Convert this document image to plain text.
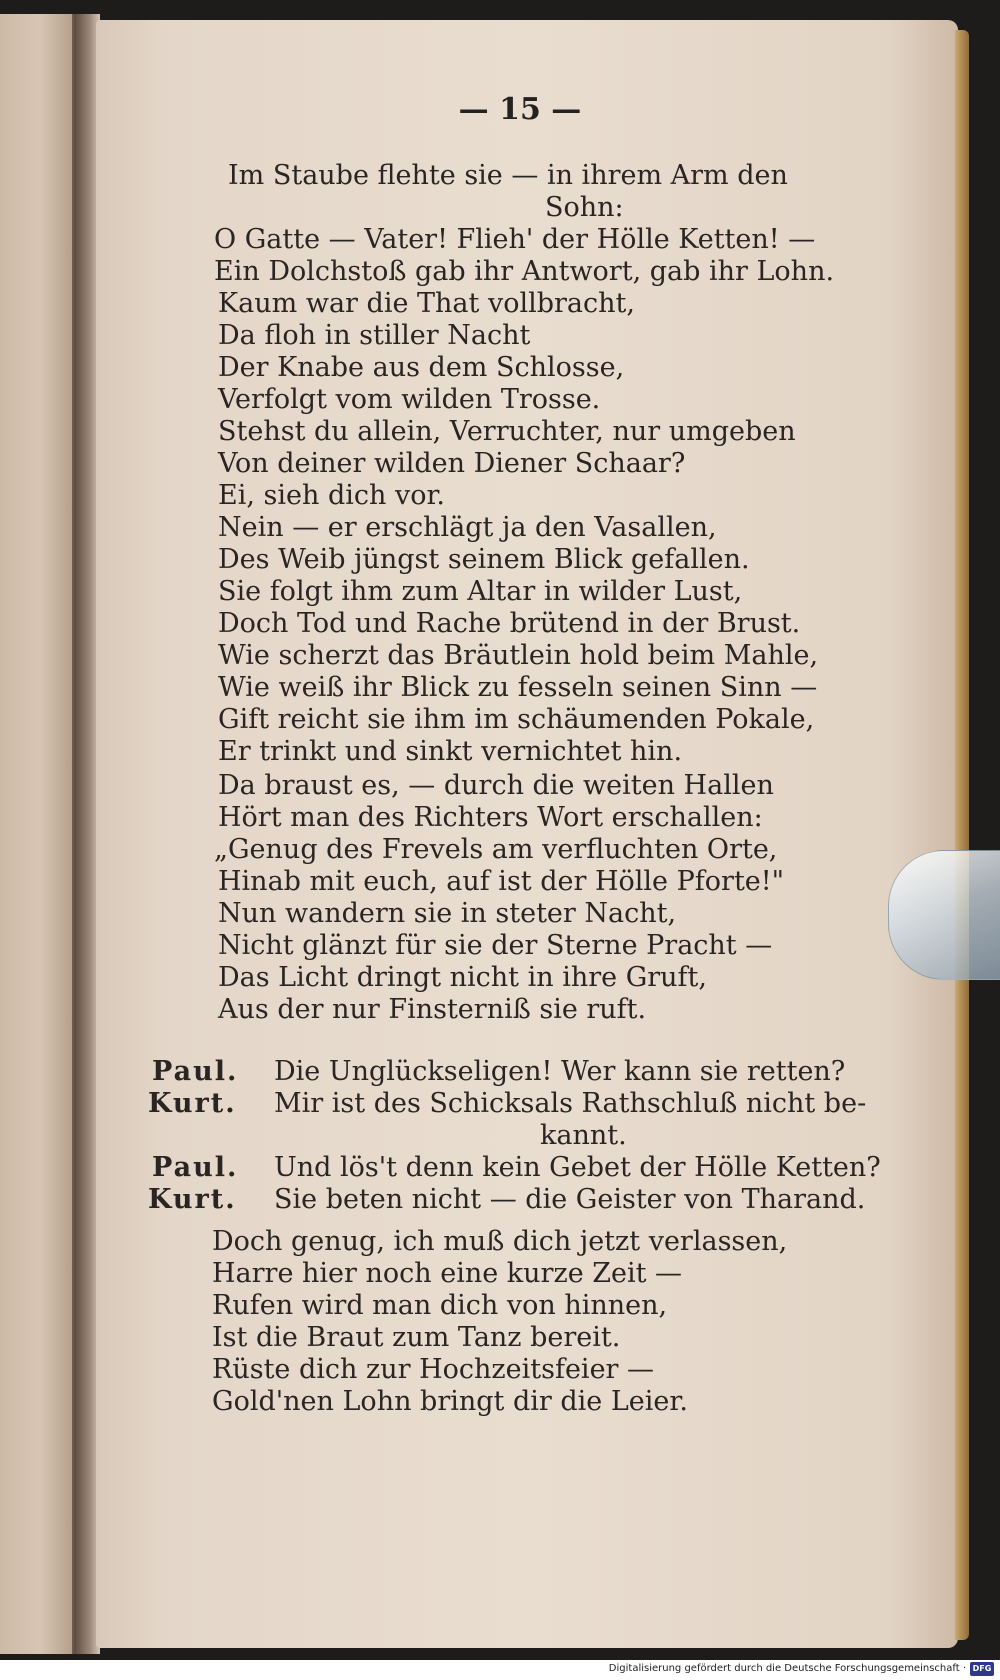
— 15 —
Im Staube flehte sie — in ihrem Arm den
Sohn:
O Gatte — Vater! Flieh' der Hölle Ketten! —
Ein Dolchstoß gab ihr Antwort, gab ihr Lohn.
Kaum war die That vollbracht,
Da floh in stiller Nacht
Der Knabe aus dem Schlosse,
Verfolgt vom wilden Trosse.
Stehst du allein, Verruchter, nur umgeben
Von deiner wilden Diener Schaar?
Ei, sieh dich vor.
Nein — er erschlägt ja den Vasallen,
Des Weib jüngst seinem Blick gefallen.
Sie folgt ihm zum Altar in wilder Lust,
Doch Tod und Rache brütend in der Brust.
Wie scherzt das Bräutlein hold beim Mahle,
Wie weiß ihr Blick zu fesseln seinen Sinn —
Gift reicht sie ihm im schäumenden Pokale,
Er trinkt und sinkt vernichtet hin.
Da braust es, — durch die weiten Hallen
Hört man des Richters Wort erschallen:
„Genug des Frevels am verfluchten Orte,
Hinab mit euch, auf ist der Hölle Pforte!"
Nun wandern sie in steter Nacht,
Nicht glänzt für sie der Sterne Pracht —
Das Licht dringt nicht in ihre Gruft,
Aus der nur Finsterniß sie ruft.
Paul. Die Unglückseligen! Wer kann sie retten?
Kurt. Mir ist des Schicksals Rathschluß nicht be-
kannt.
Paul. Und lös't denn kein Gebet der Hölle Ketten?
Kurt. Sie beten nicht — die Geister von Tharand.
Doch genug, ich muß dich jetzt verlassen,
Harre hier noch eine kurze Zeit —
Rufen wird man dich von hinnen,
Ist die Braut zum Tanz bereit.
Rüste dich zur Hochzeitsfeier —
Gold'nen Lohn bringt dir die Leier.
Digitalisierung gefördert durch die Deutsche Forschungsgemeinschaft · DFG
